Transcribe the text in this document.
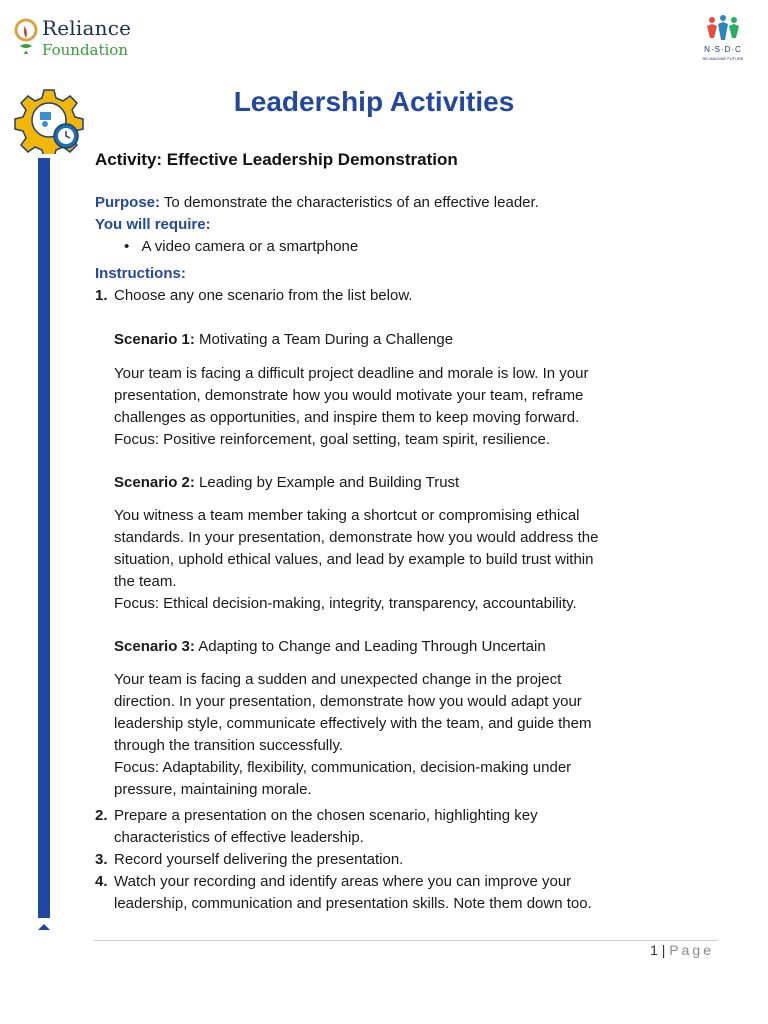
Reliance
Foundation	N·S·D·C
RE-IMAGINE FUTURE
Leadership Activities
Activity: Effective Leadership Demonstration
Purpose: To demonstrate the characteristics of an effective leader.
You will require:
• A video camera or a smartphone
Instructions:
1. Choose any one scenario from the list below.
Scenario 1: Motivating a Team During a Challenge
Your team is facing a difficult project deadline and morale is low. In your
presentation, demonstrate how you would motivate your team, reframe
challenges as opportunities, and inspire them to keep moving forward.
Focus: Positive reinforcement, goal setting, team spirit, resilience.
Scenario 2: Leading by Example and Building Trust
You witness a team member taking a shortcut or compromising ethical
standards. In your presentation, demonstrate how you would address the
situation, uphold ethical values, and lead by example to build trust within
the team.
Focus: Ethical decision-making, integrity, transparency, accountability.
Scenario 3: Adapting to Change and Leading Through Uncertain
Your team is facing a sudden and unexpected change in the project
direction. In your presentation, demonstrate how you would adapt your
leadership style, communicate effectively with the team, and guide them
through the transition successfully.
Focus: Adaptability, flexibility, communication, decision-making under
pressure, maintaining morale.
2. Prepare a presentation on the chosen scenario, highlighting key
characteristics of effective leadership.
3. Record yourself delivering the presentation.
4. Watch your recording and identify areas where you can improve your
leadership, communication and presentation skills. Note them down too.
1 | Page
